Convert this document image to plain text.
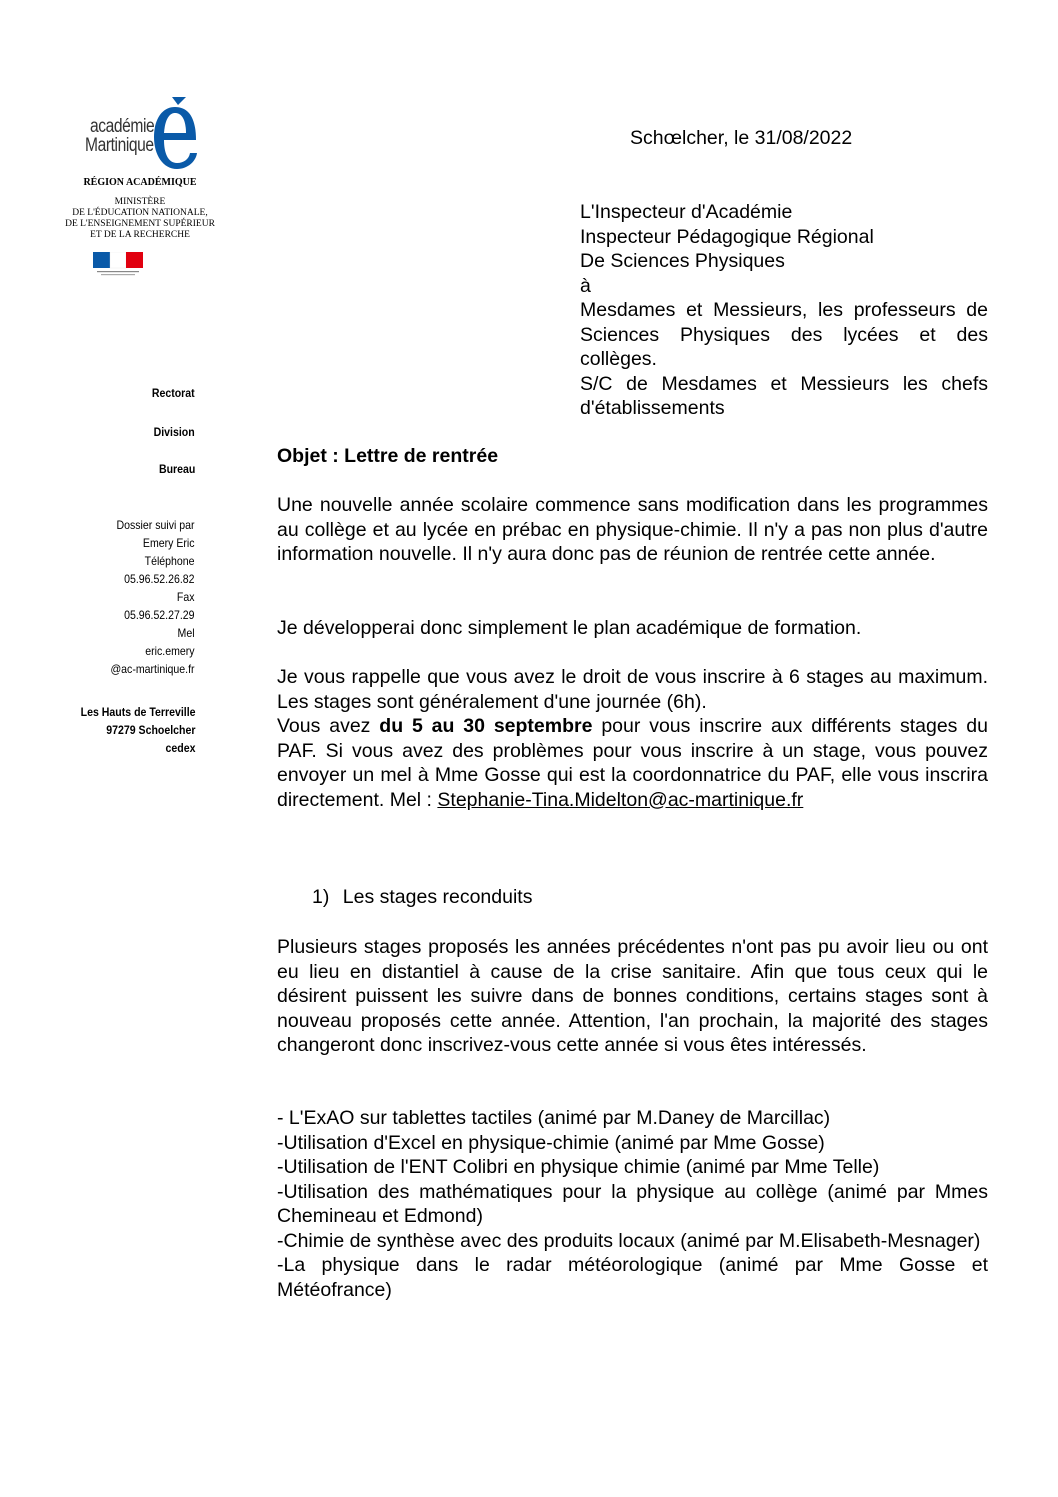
académie
Martinique
RÉGION ACADÉMIQUE
MINISTÈRE
DE L'ÉDUCATION NATIONALE,
DE L'ENSEIGNEMENT SUPÉRIEUR
ET DE LA RECHERCHE
Rectorat
Division
Bureau
Dossier suivi par
Emery Eric
Téléphone
05.96.52.26.82
Fax
05.96.52.27.29
Mel
eric.emery
@ac-martinique.fr
Les Hauts de Terreville
97279 Schoelcher
cedex
Schœlcher, le 31/08/2022
L'Inspecteur d'Académie
Inspecteur Pédagogique Régional
De Sciences Physiques
à
Mesdames et Messieurs, les professeurs de Sciences Physiques des lycées et des collèges.
S/C de Mesdames et Messieurs les chefs d'établissements
Objet : Lettre de rentrée
Une nouvelle année scolaire commence sans modification dans les programmes au collège et au lycée en prébac en physique-chimie. Il n'y a pas non plus d'autre information nouvelle. Il n'y aura donc pas de réunion de rentrée cette année.
Je développerai donc simplement le plan académique de formation.
Je vous rappelle que vous avez le droit de vous inscrire à 6 stages au maximum. Les stages sont généralement d'une journée (6h).
Vous avez du 5 au 30 septembre pour vous inscrire aux différents stages du PAF. Si vous avez des problèmes pour vous inscrire à un stage, vous pouvez envoyer un mel à Mme Gosse qui est la coordonnatrice du PAF, elle vous inscrira directement. Mel : Stephanie-Tina.Midelton@ac-martinique.fr
1) Les stages reconduits
Plusieurs stages proposés les années précédentes n'ont pas pu avoir lieu ou ont eu lieu en distantiel à cause de la crise sanitaire. Afin que tous ceux qui le désirent puissent les suivre dans de bonnes conditions, certains stages sont à nouveau proposés cette année. Attention, l'an prochain, la majorité des stages changeront donc inscrivez-vous cette année si vous êtes intéressés.
- L'ExAO sur tablettes tactiles (animé par M.Daney de Marcillac)
-Utilisation d'Excel en physique-chimie (animé par Mme Gosse)
-Utilisation de l'ENT Colibri en physique chimie (animé par Mme Telle)
-Utilisation des mathématiques pour la physique au collège (animé par Mmes Chemineau et Edmond)
-Chimie de synthèse avec des produits locaux (animé par M.Elisabeth-Mesnager)
-La physique dans le radar météorologique (animé par Mme Gosse et Météofrance)
